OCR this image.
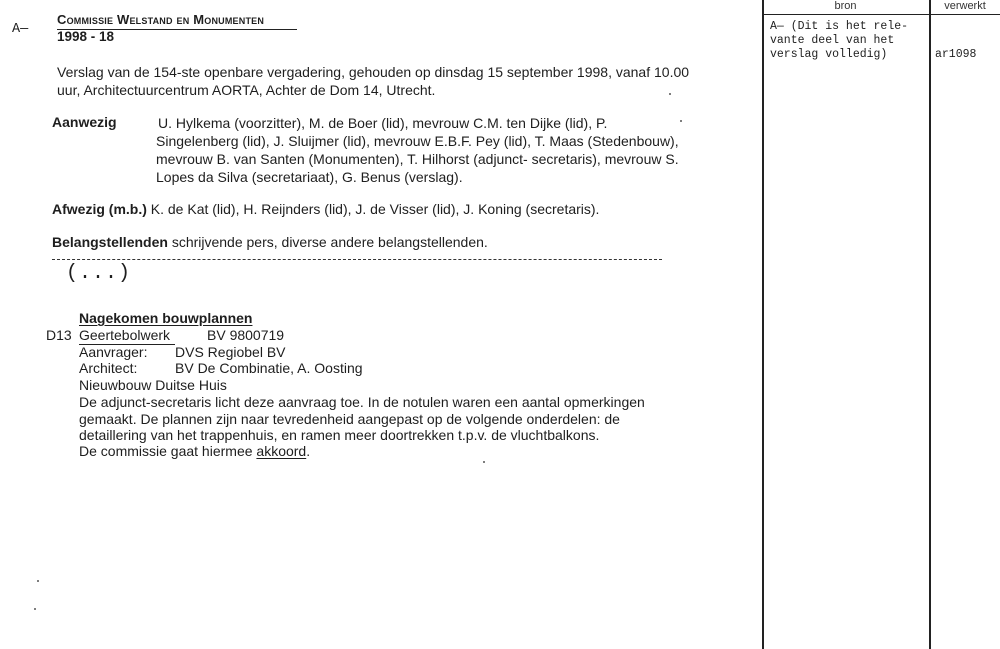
A—
Commissie Welstand en Monumenten
1998 - 18
Verslag van de 154-ste openbare vergadering, gehouden op dinsdag 15 september 1998, vanaf 10.00
uur, Architectuurcentrum AORTA, Achter de Dom 14, Utrecht.
Aanwezig	U. Hylkema (voorzitter), M. de Boer (lid), mevrouw C.M. ten Dijke (lid), P.
Singelenberg (lid), J. Sluijmer (lid), mevrouw E.B.F. Pey (lid), T. Maas (Stedenbouw),
mevrouw B. van Santen (Monumenten), T. Hilhorst (adjunct- secretaris), mevrouw S.
Lopes da Silva (secretariaat), G. Benus (verslag).
Afwezig (m.b.) K. de Kat (lid), H. Reijnders (lid), J. de Visser (lid), J. Koning (secretaris).
Belangstellenden schrijvende pers, diverse andere belangstellenden.
(...)
Nagekomen bouwplannen
D13 Geertebolwerk	BV 9800719
Aanvrager: DVS Regiobel BV
Architect:	BV De Combinatie, A. Oosting
Nieuwbouw Duitse Huis
De adjunct-secretaris licht deze aanvraag toe. In de notulen waren een aantal opmerkingen
gemaakt. De plannen zijn naar tevredenheid aangepast op de volgende onderdelen: de
detaillering van het trappenhuis, en ramen meer doortrekken t.p.v. de vluchtbalkons.
De commissie gaat hiermee akkoord.
bron	verwerkt
A— (Dit is het rele-
vante deel van het
verslag volledig)	ar1098
